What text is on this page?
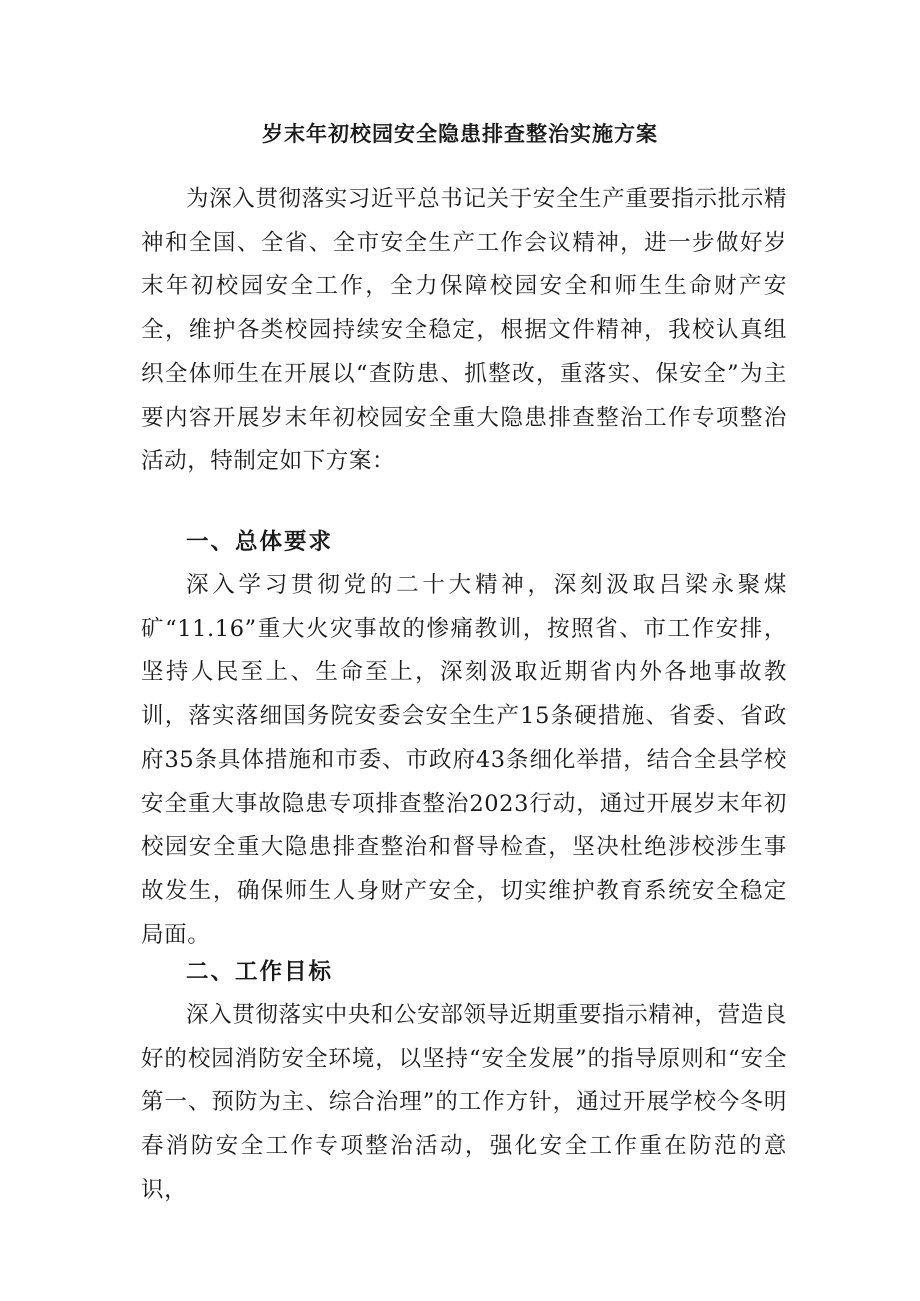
岁末年初校园安全隐患排查整治实施方案

为深入贯彻落实习近平总书记关于安全生产重要指示批示精神和全国、全省、全市安全生产工作会议精神，进一步做好岁末年初校园安全工作，全力保障校园安全和师生生命财产安全，维护各类校园持续安全稳定，根据文件精神，我校认真组织全体师生在开展以“查防患、抓整改，重落实、保安全”为主要内容开展岁末年初校园安全重大隐患排查整治工作专项整治活动，特制定如下方案：

一、总体要求

深入学习贯彻党的二十大精神，深刻汲取吕梁永聚煤矿“11.16”重大火灾事故的惨痛教训，按照省、市工作安排，坚持人民至上、生命至上，深刻汲取近期省内外各地事故教训，落实落细国务院安委会安全生产15条硬措施、省委、省政府35条具体措施和市委、市政府43条细化举措，结合全县学校安全重大事故隐患专项排查整治2023行动，通过开展岁末年初校园安全重大隐患排查整治和督导检查，坚决杜绝涉校涉生事故发生，确保师生人身财产安全，切实维护教育系统安全稳定局面。

二、工作目标

深入贯彻落实中央和公安部领导近期重要指示精神，营造良好的校园消防安全环境，以坚持“安全发展”的指导原则和“安全第一、预防为主、综合治理”的工作方针，通过开展学校今冬明春消防安全工作专项整治活动，强化安全工作重在防范的意识，
